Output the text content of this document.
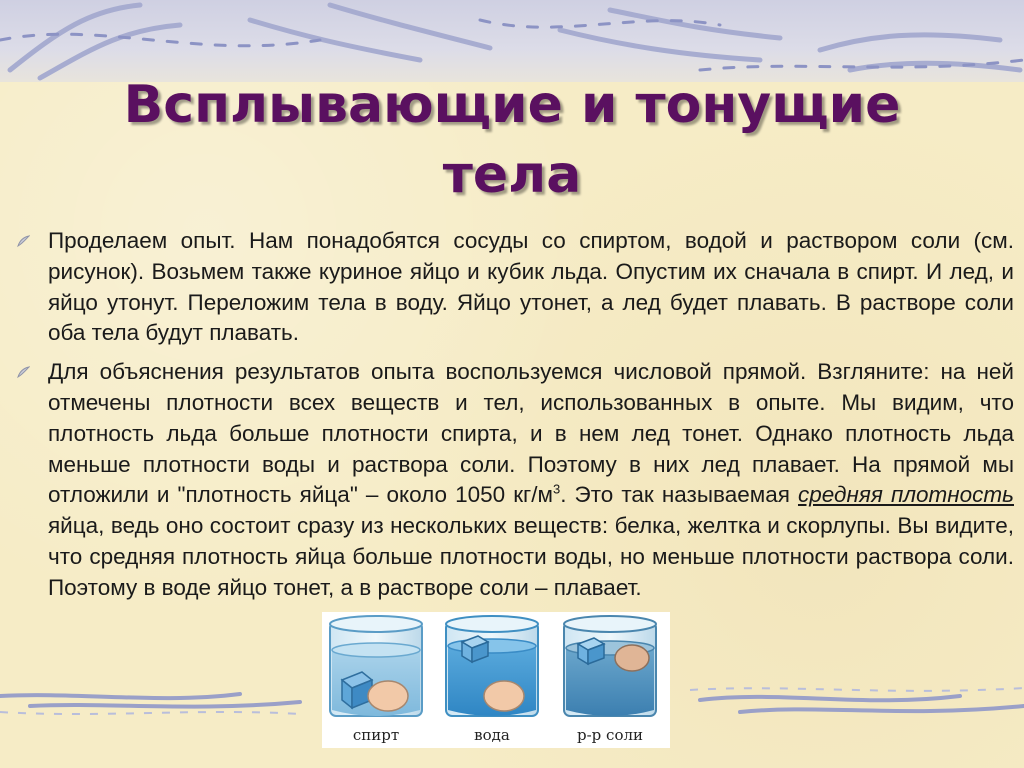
Всплывающие и тонущие
тела
Проделаем опыт. Нам понадобятся сосуды со спиртом, водой и раствором соли (см. рисунок). Возьмем также куриное яйцо и кубик льда. Опустим их сначала в спирт. И лед, и яйцо утонут. Переложим тела в воду. Яйцо утонет, а лед будет плавать. В растворе соли оба тела будут плавать.
Для объяснения результатов опыта воспользуемся числовой прямой. Взгляните: на ней отмечены плотности всех веществ и тел, использованных в опыте. Мы видим, что плотность льда больше плотности спирта, и в нем лед тонет. Однако плотность льда меньше плотности воды и раствора соли. Поэтому в них лед плавает. На прямой мы отложили и "плотность яйца" – около 1050 $кг/м^3$. Это так называемая средняя плотность яйца, ведь оно состоит сразу из нескольких веществ: белка, желтка и скорлупы. Вы видите, что средняя плотность яйца больше плотности воды, но меньше плотности раствора соли. Поэтому в воде яйцо тонет, а в растворе соли – плавает.
спирт	вода	р-р соли
